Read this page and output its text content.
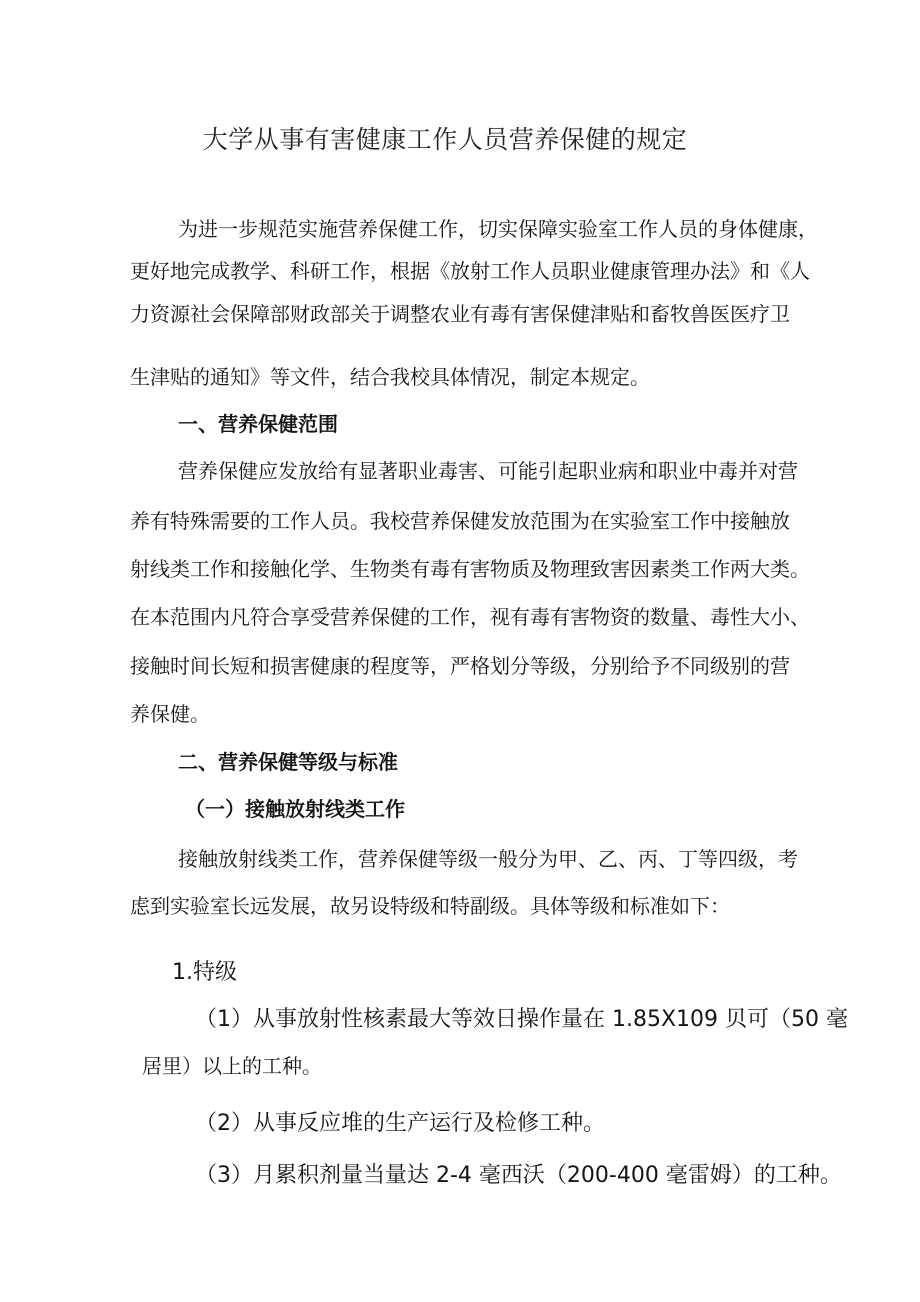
大学从事有害健康工作人员营养保健的规定
为进一步规范实施营养保健工作，切实保障实验室工作人员的身体健康，
更好地完成教学、科研工作，根据《放射工作人员职业健康管理办法》和《人
力资源社会保障部财政部关于调整农业有毒有害保健津贴和畜牧兽医医疗卫
生津贴的通知》等文件，结合我校具体情况，制定本规定。
一、营养保健范围
营养保健应发放给有显著职业毒害、可能引起职业病和职业中毒并对营
养有特殊需要的工作人员。我校营养保健发放范围为在实验室工作中接触放
射线类工作和接触化学、生物类有毒有害物质及物理致害因素类工作两大类。
在本范围内凡符合享受营养保健的工作，视有毒有害物资的数量、毒性大小、
接触时间长短和损害健康的程度等，严格划分等级，分别给予不同级别的营
养保健。
二、营养保健等级与标准
（一）接触放射线类工作
接触放射线类工作，营养保健等级一般分为甲、乙、丙、丁等四级，考
虑到实验室长远发展，故另设特级和特副级。具体等级和标准如下：
1.特级
（1）从事放射性核素最大等效日操作量在 1.85X109 贝可（50 毫
居里）以上的工种。
（2）从事反应堆的生产运行及检修工种。
（3）月累积剂量当量达 2-4 毫西沃（200-400 毫雷姆）的工种。
